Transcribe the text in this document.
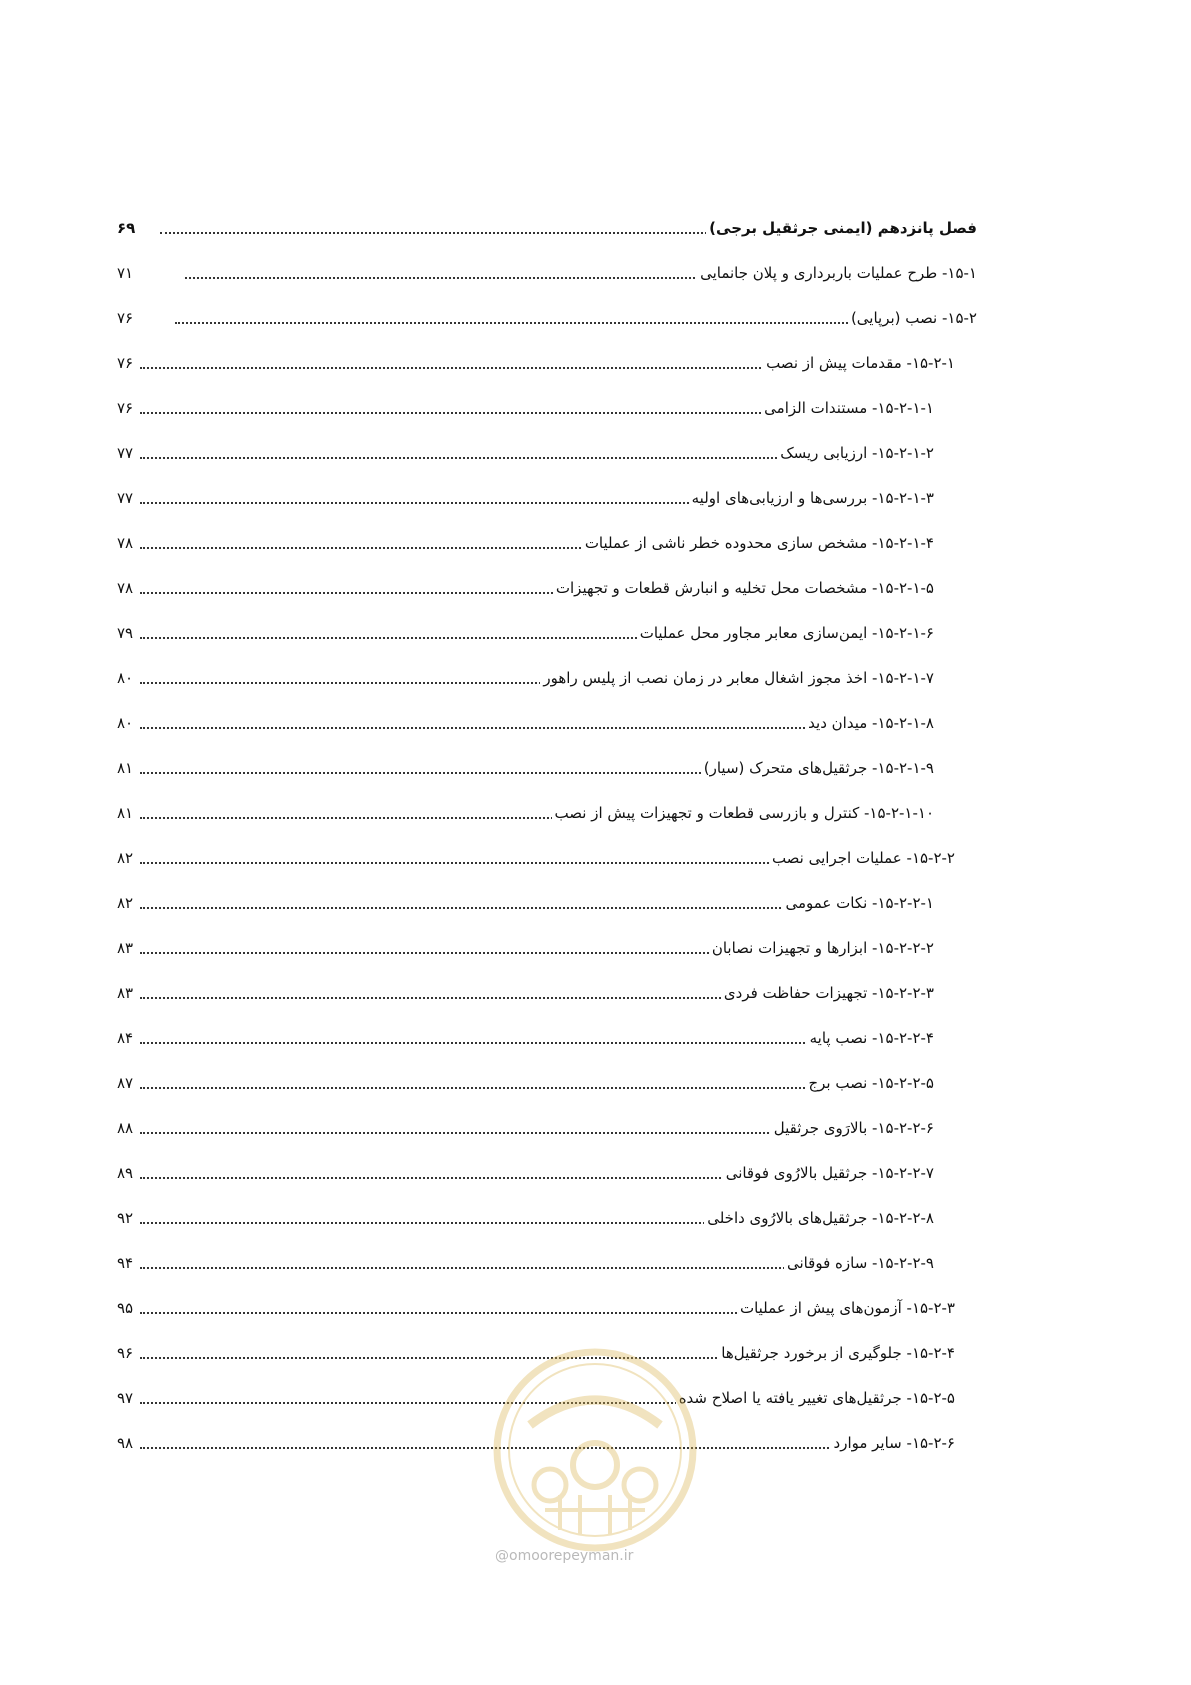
فصل پانزدهم (ایمنی جرثقیل برجی)
۶۹
۱۵-۱- طرح عملیات باربرداری و پلان جانمایی
۷۱
۱۵-۲- نصب (برپایی)
۷۶
۱۵-۲-۱- مقدمات پیش از نصب
۷۶
۱۵-۲-۱-۱- مستندات الزامی
۷۶
۱۵-۲-۱-۲- ارزیابی ریسک
۷۷
۱۵-۲-۱-۳- بررسی‌ها و ارزیابی‌های اولیه
۷۷
۱۵-۲-۱-۴- مشخص سازی محدوده خطر ناشی از عملیات
۷۸
۱۵-۲-۱-۵- مشخصات محل تخلیه و انبارش قطعات و تجهیزات
۷۸
۱۵-۲-۱-۶- ایمن‌سازی معابر مجاور محل عملیات
۷۹
۱۵-۲-۱-۷- اخذ مجوز اشغال معابر در زمان نصب از پلیس راهور
۸۰
۱۵-۲-۱-۸- میدان دید
۸۰
۱۵-۲-۱-۹- جرثقیل‌های متحرک (سیار)
۸۱
۱۵-۲-۱-۱۰- کنترل و بازرسی قطعات و تجهیزات پیش از نصب
۸۱
۱۵-۲-۲- عملیات اجرایی نصب
۸۲
۱۵-۲-۲-۱- نکات عمومی
۸۲
۱۵-۲-۲-۲- ابزارها و تجهیزات نصابان
۸۳
۱۵-۲-۲-۳- تجهیزات حفاظت فردی
۸۳
۱۵-۲-۲-۴- نصب پایه
۸۴
۱۵-۲-۲-۵- نصب برج
۸۷
۱۵-۲-۲-۶- بالارَوی جرثقیل
۸۸
۱۵-۲-۲-۷- جرثقیل بالارُوی فوقانی
۸۹
۱۵-۲-۲-۸- جرثقیل‌های بالارُوی داخلی
۹۲
۱۵-۲-۲-۹- سازه فوقانی
۹۴
۱۵-۲-۳- آزمون‌های پیش از عملیات
۹۵
۱۵-۲-۴- جلوگیری از برخورد جرثقیل‌ها
۹۶
۱۵-۲-۵- جرثقیل‌های تغییر یافته یا اصلاح شده
۹۷
۱۵-۲-۶- سایر موارد
۹۸
@omoorepeyman.ir
